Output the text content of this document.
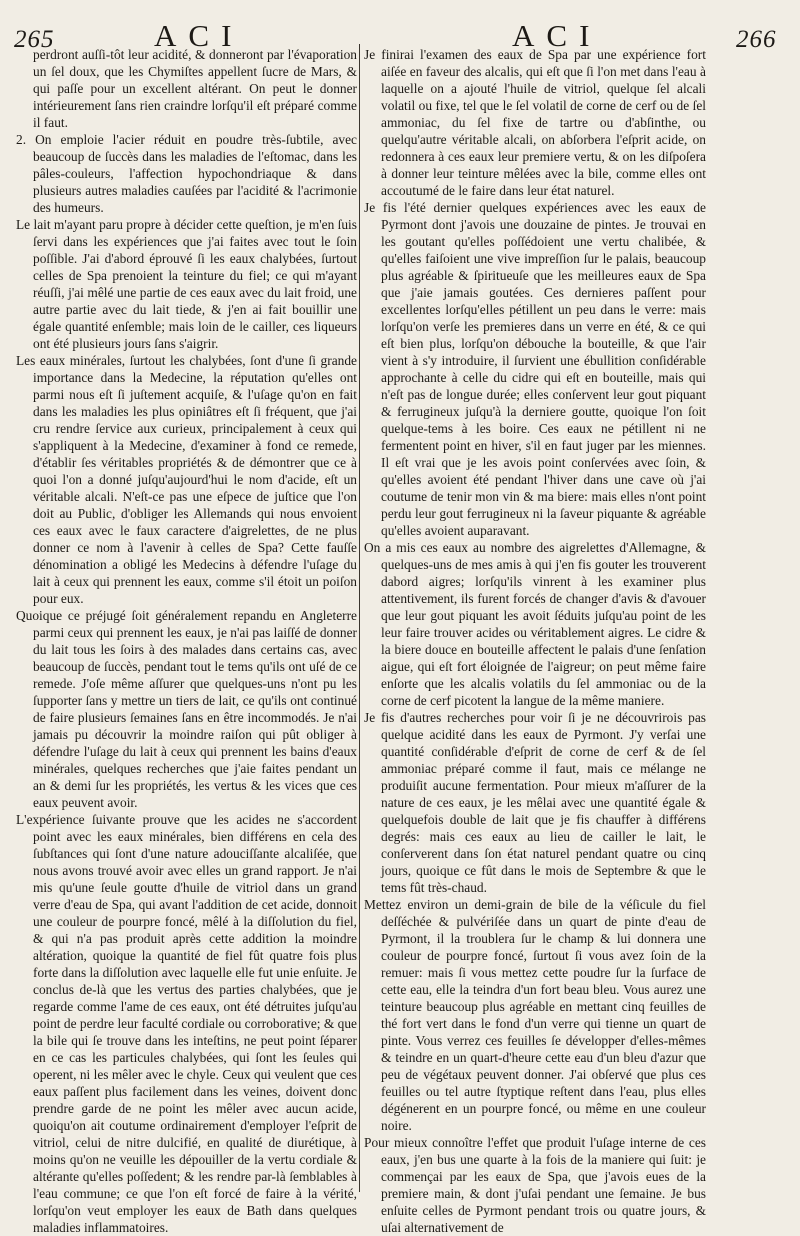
265	ACI	ACI	266

perdront auſſi-tôt leur acidité, & donneront par l'évaporation un ſel doux, que les Chymiſtes appellent ſucre de Mars, & qui paſſe pour un excellent altérant. On peut le donner intérieurement ſans rien craindre lorſqu'il eſt préparé comme il faut.

2. On emploie l'acier réduit en poudre très-ſubtile, avec beaucoup de ſuccès dans les maladies de l'eſtomac, dans les pâles-couleurs, l'affection hypochondriaque & dans plusieurs autres maladies cauſées par l'acidité & l'acrimonie des humeurs.

Le lait m'ayant paru propre à décider cette queſtion, je m'en ſuis ſervi dans les expériences que j'ai faites avec tout le ſoin poſſible. J'ai d'abord éprouvé ſi les eaux chalybées, ſurtout celles de Spa prenoient la teinture du fiel; ce qui m'ayant réuſſi, j'ai mêlé une partie de ces eaux avec du lait froid, une autre partie avec du lait tiede, & j'en ai fait bouillir une égale quantité enſemble; mais loin de le cailler, ces liqueurs ont été plusieurs jours ſans s'aigrir.

Les eaux minérales, ſurtout les chalybées, ſont d'une ſi grande importance dans la Medecine, la réputation qu'elles ont parmi nous eſt ſi juſtement acquiſe, & l'uſage qu'on en fait dans les maladies les plus opiniâtres eſt ſi fréquent, que j'ai cru rendre ſervice aux curieux, principalement à ceux qui s'appliquent à la Medecine, d'examiner à fond ce remede, d'établir ſes véritables propriétés & de démontrer que ce à quoi l'on a donné juſqu'aujourd'hui le nom d'acide, eſt un véritable alcali. N'eſt-ce pas une eſpece de juſtice que l'on doit au Public, d'obliger les Allemands qui nous envoient ces eaux avec le faux caractere d'aigrelettes, de ne plus donner ce nom à l'avenir à celles de Spa? Cette fauſſe dénomination a obligé les Medecins à défendre l'uſage du lait à ceux qui prennent les eaux, comme s'il étoit un poiſon pour eux.

Quoique ce préjugé ſoit généralement repandu en Angleterre parmi ceux qui prennent les eaux, je n'ai pas laiſſé de donner du lait tous les ſoirs à des malades dans certains cas, avec beaucoup de ſuccès, pendant tout le tems qu'ils ont uſé de ce remede. J'oſe même aſſurer que quelques-uns n'ont pu les ſupporter ſans y mettre un tiers de lait, ce qu'ils ont continué de faire plusieurs ſemaines ſans en être incommodés. Je n'ai jamais pu découvrir la moindre raiſon qui pût obliger à défendre l'uſage du lait à ceux qui prennent les bains d'eaux minérales, quelques recherches que j'aie faites pendant un an & demi ſur les propriétés, les vertus & les vices que ces eaux peuvent avoir.

L'expérience ſuivante prouve que les acides ne s'accordent point avec les eaux minérales, bien différens en cela des ſubſtances qui ſont d'une nature adouciſſante alcaliſée, que nous avons trouvé avoir avec elles un grand rapport. Je n'ai mis qu'une ſeule goutte d'huile de vitriol dans un grand verre d'eau de Spa, qui avant l'addition de cet acide, donnoit une couleur de pourpre foncé, mêlé à la diſſolution du fiel, & qui n'a pas produit après cette addition la moindre altération, quoique la quantité de fiel fût quatre fois plus forte dans la diſſolution avec laquelle elle fut unie enſuite. Je conclus de-là que les vertus des parties chalybées, que je regarde comme l'ame de ces eaux, ont été détruites juſqu'au point de perdre leur faculté cordiale ou corroborative; & que la bile qui ſe trouve dans les inteſtins, ne peut point ſéparer en ce cas les particules chalybées, qui ſont les ſeules qui operent, ni les mêler avec le chyle. Ceux qui veulent que ces eaux paſſent plus facilement dans les veines, doivent donc prendre garde de ne point les mêler avec aucun acide, quoiqu'on ait coutume ordinairement d'employer l'eſprit de vitriol, celui de nitre dulcifié, en qualité de diurétique, à moins qu'on ne veuille les dépouiller de la vertu cordiale & altérante qu'elles poſſedent; & les rendre par-là ſemblables à l'eau commune; ce que l'on eſt forcé de faire à la vérité, lorſqu'on veut employer les eaux de Bath dans quelques maladies inflammatoires.

Je finirai l'examen des eaux de Spa par une expérience fort aiſée en faveur des alcalis, qui eſt que ſi l'on met dans l'eau à laquelle on a ajouté l'huile de vitriol, quelque ſel alcali volatil ou fixe, tel que le ſel volatil de corne de cerf ou de ſel ammoniac, du ſel fixe de tartre ou d'abſinthe, ou quelqu'autre véritable alcali, on abſorbera l'eſprit acide, on redonnera à ces eaux leur premiere vertu, & on les diſpoſera à donner leur teinture mêlées avec la bile, comme elles ont accoutumé de le faire dans leur état naturel.

Je fis l'été dernier quelques expériences avec les eaux de Pyrmont dont j'avois une douzaine de pintes. Je trouvai en les goutant qu'elles poſſédoient une vertu chalibée, & qu'elles faiſoient une vive impreſſion ſur le palais, beaucoup plus agréable & ſpiritueuſe que les meilleures eaux de Spa que j'aie jamais goutées. Ces dernieres paſſent pour excellentes lorſqu'elles pétillent un peu dans le verre: mais lorſqu'on verſe les premieres dans un verre en été, & ce qui eſt bien plus, lorſqu'on débouche la bouteille, & que l'air vient à s'y introduire, il ſurvient une ébullition conſidérable approchante à celle du cidre qui eſt en bouteille, mais qui n'eſt pas de longue durée; elles conſervent leur gout piquant & ferrugineux juſqu'à la derniere goutte, quoique l'on ſoit quelque-tems à les boire. Ces eaux ne pétillent ni ne fermentent point en hiver, s'il en faut juger par les miennes. Il eſt vrai que je les avois point conſervées avec ſoin, & qu'elles avoient été pendant l'hiver dans une cave où j'ai coutume de tenir mon vin & ma biere: mais elles n'ont point perdu leur gout ferrugineux ni la ſaveur piquante & agréable qu'elles avoient auparavant.

On a mis ces eaux au nombre des aigrelettes d'Allemagne, & quelques-uns de mes amis à qui j'en fis gouter les trouverent dabord aigres; lorſqu'ils vinrent à les examiner plus attentivement, ils furent forcés de changer d'avis & d'avouer que leur gout piquant les avoit ſéduits juſqu'au point de les leur faire trouver acides ou véritablement aigres. Le cidre & la biere douce en bouteille affectent le palais d'une ſenſation aigue, qui eſt fort éloignée de l'aigreur; on peut même faire enſorte que les alcalis volatils du ſel ammoniac ou de la corne de cerf picotent la langue de la même maniere.

Je fis d'autres recherches pour voir ſi je ne découvrirois pas quelque acidité dans les eaux de Pyrmont. J'y verſai une quantité conſidérable d'eſprit de corne de cerf & de ſel ammoniac préparé comme il faut, mais ce mélange ne produiſit aucune fermentation. Pour mieux m'aſſurer de la nature de ces eaux, je les mêlai avec une quantité égale & quelquefois double de lait que je fis chauffer à différens degrés: mais ces eaux au lieu de cailler le lait, le conſerverent dans ſon état naturel pendant quatre ou cinq jours, quoique ce fût dans le mois de Septembre & que le tems fût très-chaud.

Mettez environ un demi-grain de bile de la véſicule du fiel deſſéchée & pulvériſée dans un quart de pinte d'eau de Pyrmont, il la troublera ſur le champ & lui donnera une couleur de pourpre foncé, ſurtout ſi vous avez ſoin de la remuer: mais ſi vous mettez cette poudre ſur la ſurface de cette eau, elle la teindra d'un fort beau bleu. Vous aurez une teinture beaucoup plus agréable en mettant cinq feuilles de thé fort vert dans le fond d'un verre qui tienne un quart de pinte. Vous verrez ces feuilles ſe développer d'elles-mêmes & teindre en un quart-d'heure cette eau d'un bleu d'azur que peu de végétaux peuvent donner. J'ai obſervé que plus ces feuilles ou tel autre ſtyptique reſtent dans l'eau, plus elles dégénerent en un pourpre foncé, ou même en une couleur noire.

Pour mieux connoître l'effet que produit l'uſage interne de ces eaux, j'en bus une quarte à la fois de la maniere qui ſuit: je commençai par les eaux de Spa, que j'avois eues de la premiere main, & dont j'uſai pendant une ſemaine. Je bus enſuite celles de Pyrmont pendant trois ou quatre jours, & uſai alternativement de
